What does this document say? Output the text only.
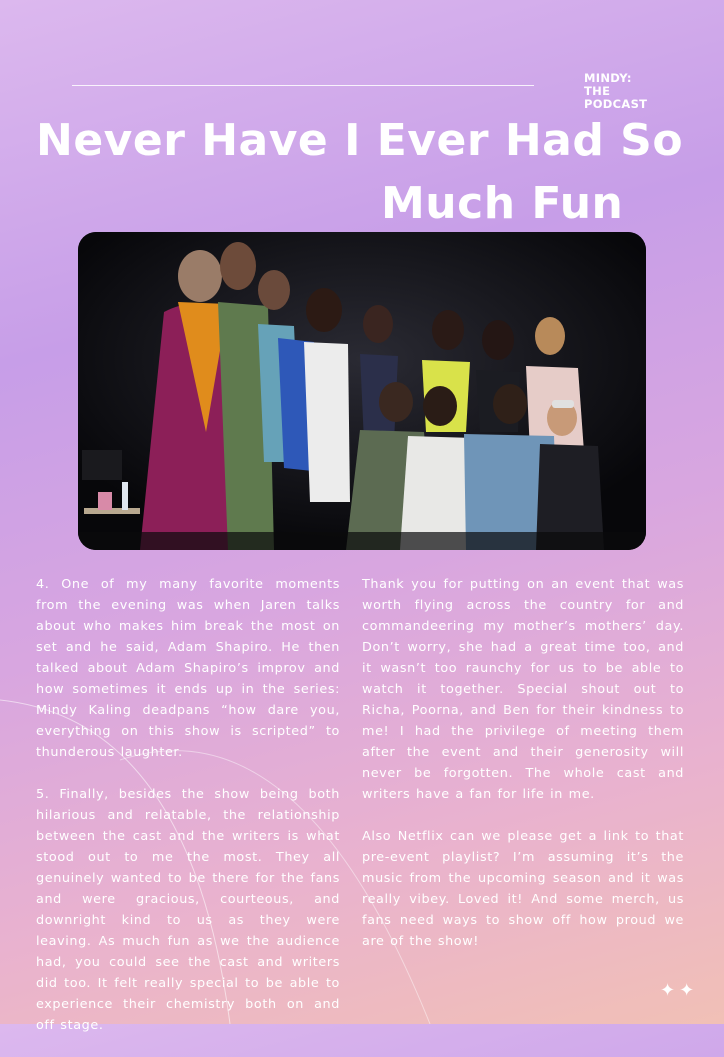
MINDY:
THE
PODCAST
Never Have I Ever Had So
Much Fun

4. One of my many favorite moments from the evening was when Jaren talks about who makes him break the most on set and he said, Adam Shapiro. He then talked about Adam Shapiro’s improv and how sometimes it ends up in the series: Mindy Kaling deadpans “how dare you, everything on this show is scripted” to thunderous laughter.

5. Finally, besides the show being both hilarious and relatable, the relationship between the cast and the writers is what stood out to me the most. They all genuinely wanted to be there for the fans and were gracious, courteous, and downright kind to us as they were leaving. As much fun as we the audience had, you could see the cast and writers did too. It felt really special to be able to experience their chemistry both on and off stage.

Thank you for putting on an event that was worth flying across the country for and commandeering my mother’s mothers’ day. Don’t worry, she had a great time too, and it wasn’t too raunchy for us to be able to watch it together. Special shout out to Richa, Poorna, and Ben for their kindness to me! I had the privilege of meeting them after the event and their generosity will never be forgotten. The whole cast and writers have a fan for life in me.

Also Netflix can we please get a link to that pre-event playlist? I’m assuming it’s the music from the upcoming season and it was really vibey. Loved it! And some merch, us fans need ways to show off how proud we are of the show!

✦✦
